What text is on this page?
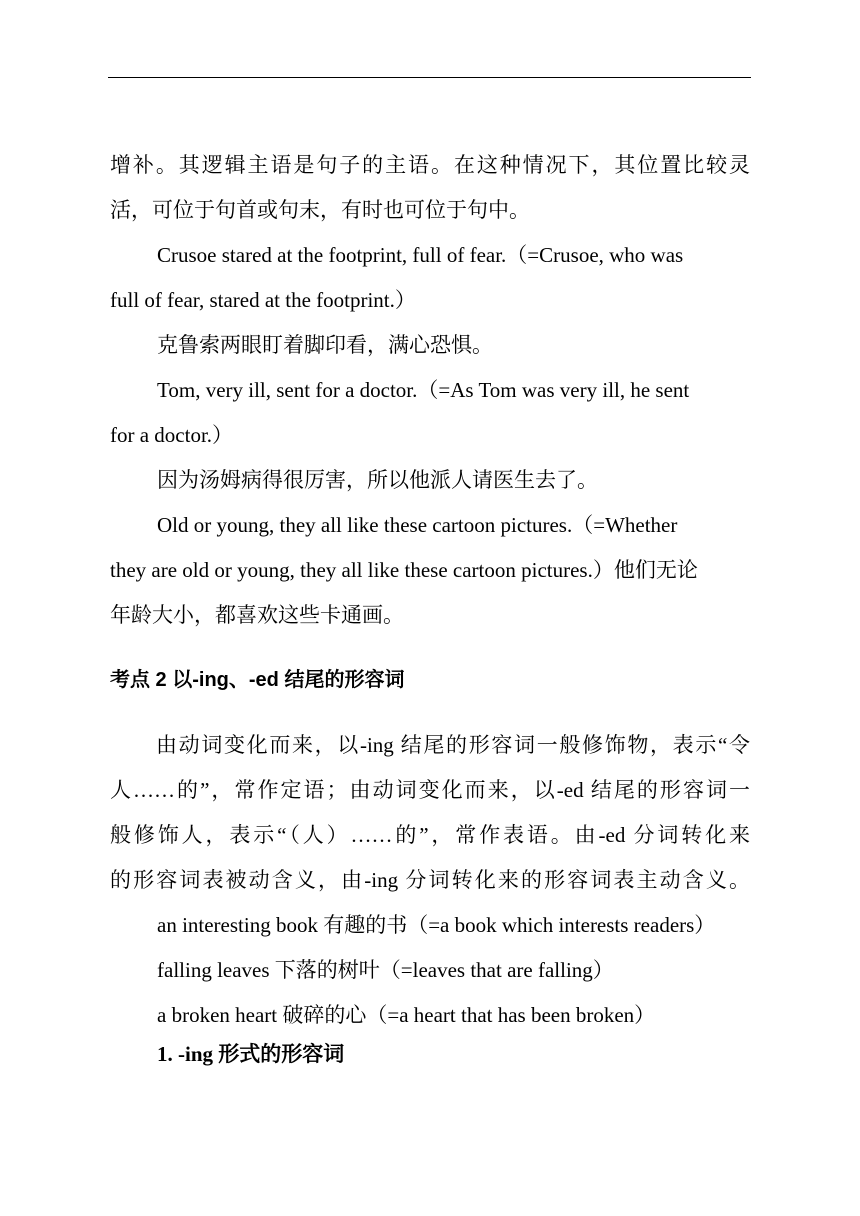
增补。其逻辑主语是句子的主语。在这种情况下，其位置比较灵

活，可位于句首或句末，有时也可位于句中。

Crusoe stared at the footprint, full of fear.（=Crusoe, who was

full of fear, stared at the footprint.）

克鲁索两眼盯着脚印看，满心恐惧。

Tom, very ill, sent for a doctor.（=As Tom was very ill, he sent

for a doctor.）

因为汤姆病得很厉害，所以他派人请医生去了。

Old or young, they all like these cartoon pictures.（=Whether

they are old or young, they all like these cartoon pictures.）他们无论

年龄大小，都喜欢这些卡通画。

考点 2 以-ing、-ed 结尾的形容词

由动词变化而来，以-ing 结尾的形容词一般修饰物，表示“令

人……的”，常作定语；由动词变化而来，以-ed 结尾的形容词一

般修饰人，表示“（人）……的”，常作表语。由-ed 分词转化来

的形容词表被动含义，由-ing 分词转化来的形容词表主动含义。

an interesting book 有趣的书（=a book which interests readers）

falling leaves 下落的树叶（=leaves that are falling）

a broken heart 破碎的心（=a heart that has been broken）

1. -ing 形式的形容词
